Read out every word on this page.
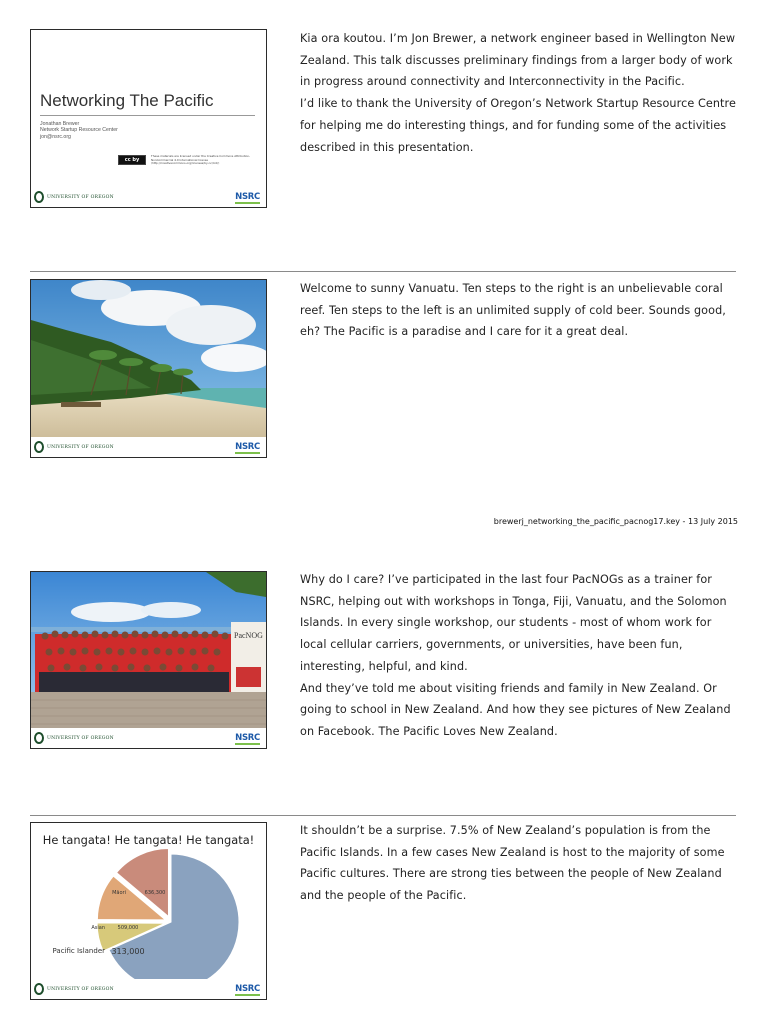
Networking The Pacific
Jonathan Brewer
Network Startup Resource Center
jon@nsrc.org
cc by
These materials are licensed under the Creative Commons Attribution-NonCommercial 4.0 International license (http://creativecommons.org/licenses/by-nc/4.0/)
UNIVERSITY OF OREGON	NSRC

Kia ora koutou. I’m Jon Brewer, a network engineer based in Wellington New Zealand. This talk discusses preliminary findings from a larger body of work in progress around connectivity and Interconnectivity in the Pacific.

I’d like to thank the University of Oregon’s Network Startup Resource Centre for helping me do interesting things, and for funding some of the activities described in this presentation.

UNIVERSITY OF OREGON	NSRC

Welcome to sunny Vanuatu. Ten steps to the right is an unbelievable coral reef. Ten steps to the left is an unlimited supply of cold beer. Sounds good, eh? The Pacific is a paradise and I care for it a great deal.

brewerj_networking_the_pacific_pacnog17.key - 13 July 2015
PacNOG
UNIVERSITY OF OREGON	NSRC

Why do I care? I’ve participated in the last four PacNOGs as a trainer for NSRC, helping out with workshops in Tonga, Fiji, Vanuatu, and the Solomon Islands. In every single workshop, our students - most of whom work for local cellular carriers, governments, or universities, have been fun, interesting, helpful, and kind.

And they’ve told me about visiting friends and family in New Zealand. Or going to school in New Zealand. And how they see pictures of New Zealand on Facebook. The Pacific Loves New Zealand.

He tangata! He tangata! He tangata!
Pacific Islander 313,000
Asian	509,000
Māori	636,300
UNIVERSITY OF OREGON	NSRC

It shouldn’t be a surprise. 7.5% of New Zealand’s population is from the Pacific Islands. In a few cases New Zealand is host to the majority of some Pacific cultures. There are strong ties between the people of New Zealand and the people of the Pacific.
